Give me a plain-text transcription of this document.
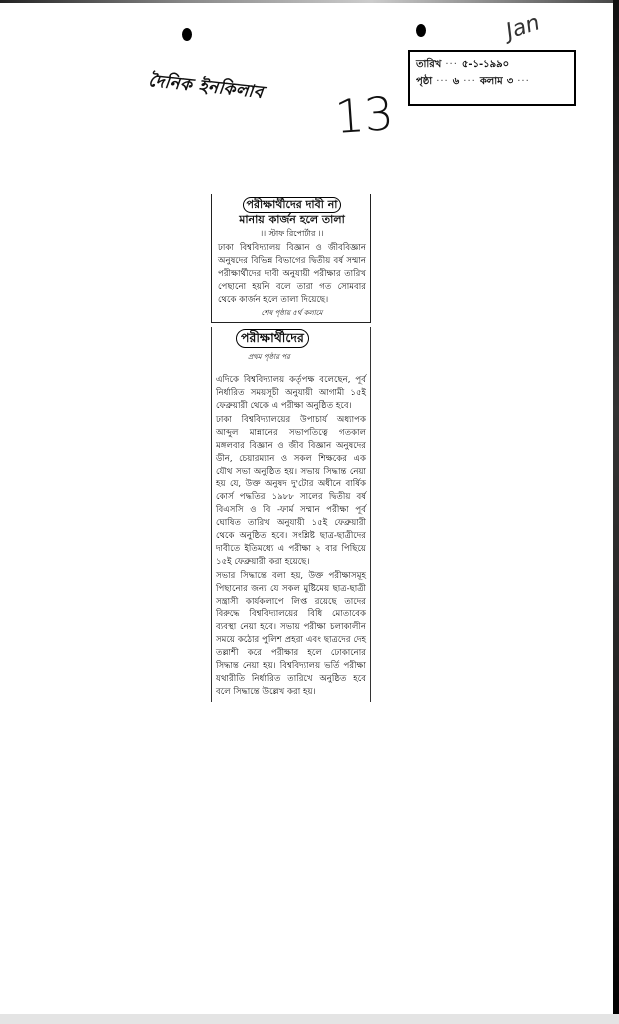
দৈনিক ইনকিলাব 13
Jan
তারিখ ··· ৫-১-১৯৯০
পৃষ্ঠা ··· ৬ ··· কলাম ৩ ···
পরীক্ষার্থীদের দাবী না
মানায় কার্জন হলে তালা
।। স্টাফ রিপোর্টার ।।
ঢাকা বিশ্ববিদ্যালয় বিজ্ঞান ও জীববিজ্ঞান অনুষদের বিভিন্ন বিভাগের দ্বিতীয় বর্ষ সম্মান পরীক্ষার্থীদের দাবী অনুযায়ী পরীক্ষার তারিখ পেছানো হয়নি বলে তারা গত সোমবার থেকে কার্জন হলে তালা দিয়েছে।
শেষ পৃষ্ঠায় ৫র্থ কলামে
পরীক্ষার্থীদের
প্রথম পৃষ্ঠার পর

এদিকে বিশ্ববিদ্যালয় কর্তৃপক্ষ বলেছেন, পূর্ব নির্ধারিত সময়সূচী অনুযায়ী আগামী ১৫ই ফেব্রুয়ারী থেকে এ পরীক্ষা অনুষ্ঠিত হবে।

ঢাকা বিশ্ববিদ্যালয়ের উপাচার্য অধ্যাপক আব্দুল মান্নানের সভাপতিত্বে গতকাল মঙ্গলবার বিজ্ঞান ও জীব বিজ্ঞান অনুষদের ডীন, চেয়ারম্যান ও সকল শিক্ষকের এক যৌথ সভা অনুষ্ঠিত হয়। সভায় সিদ্ধান্ত নেয়া হয় যে, উক্ত অনুষদ দু'টোর অধীনে বার্ষিক কোর্স পদ্ধতির ১৯৮৮ সালের দ্বিতীয় বর্ষ বিএসসি ও বি -ফার্ম সম্মান পরীক্ষা পূর্ব ঘোষিত তারিখ অনুযায়ী ১৫ই ফেব্রুয়ারী থেকে অনুষ্ঠিত হবে। সংশ্লিষ্ট ছাত্র-ছাত্রীদের দাবীতে ইতিমধ্যে এ পরীক্ষা ২ বার পিছিয়ে ১৫ই ফেব্রুয়ারী করা হয়েছে।

সভার সিদ্ধান্তে বলা হয়, উক্ত পরীক্ষাসমূহ পিছানোর জন্য যে সকল মুষ্টিমেয় ছাত্র-ছাত্রী সন্ত্রাসী কার্যকলাপে লিপ্ত রয়েছে তাদের বিরুদ্ধে বিশ্ববিদ্যালয়ের বিধি মোতাবেক ব্যবস্থা নেয়া হবে। সভায় পরীক্ষা চলাকালীন সময়ে কঠোর পুলিশ প্রহরা এবং ছাত্রদের দেহ তল্লাশী করে পরীক্ষার হলে ঢোকানোর সিদ্ধান্ত নেয়া হয়। বিশ্ববিদ্যালয় ভর্তি পরীক্ষা যথারীতি নির্ধারিত তারিখে অনুষ্ঠিত হবে বলে সিদ্ধান্তে উল্লেখ করা হয়।
